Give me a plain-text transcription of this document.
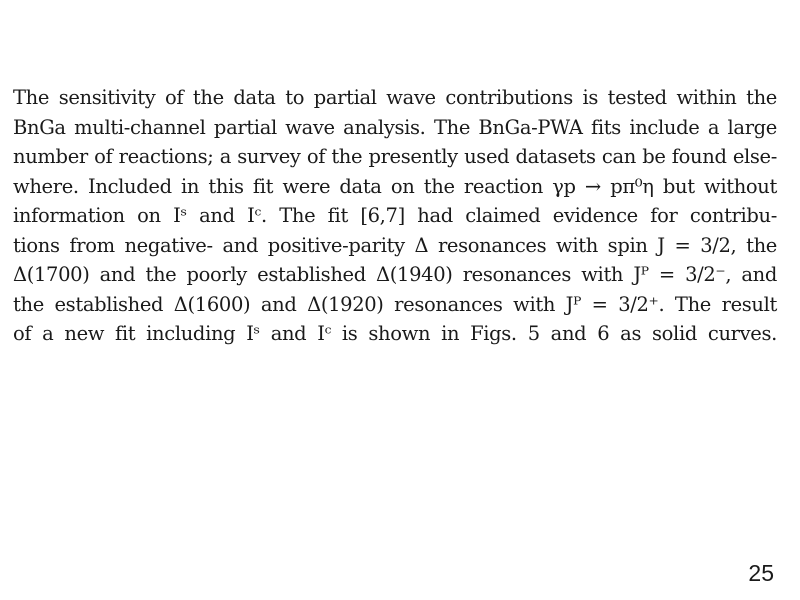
The sensitivity of the data to partial wave contributions is tested within the
BnGa multi-channel partial wave analysis. The BnGa-PWA fits include a large
number of reactions; a survey of the presently used datasets can be found else-
where. Included in this fit were data on the reaction γp → pπ⁰η but without
information on Iˢ and Iᶜ. The fit [6,7] had claimed evidence for contribu-
tions from negative- and positive-parity Δ resonances with spin J = 3/2, the
Δ(1700) and the poorly established Δ(1940) resonances with Jᴾ = 3/2⁻, and
the established Δ(1600) and Δ(1920) resonances with Jᴾ = 3/2⁺. The result
of a new fit including Iˢ and Iᶜ is shown in Figs. 5 and 6 as solid curves.
25
